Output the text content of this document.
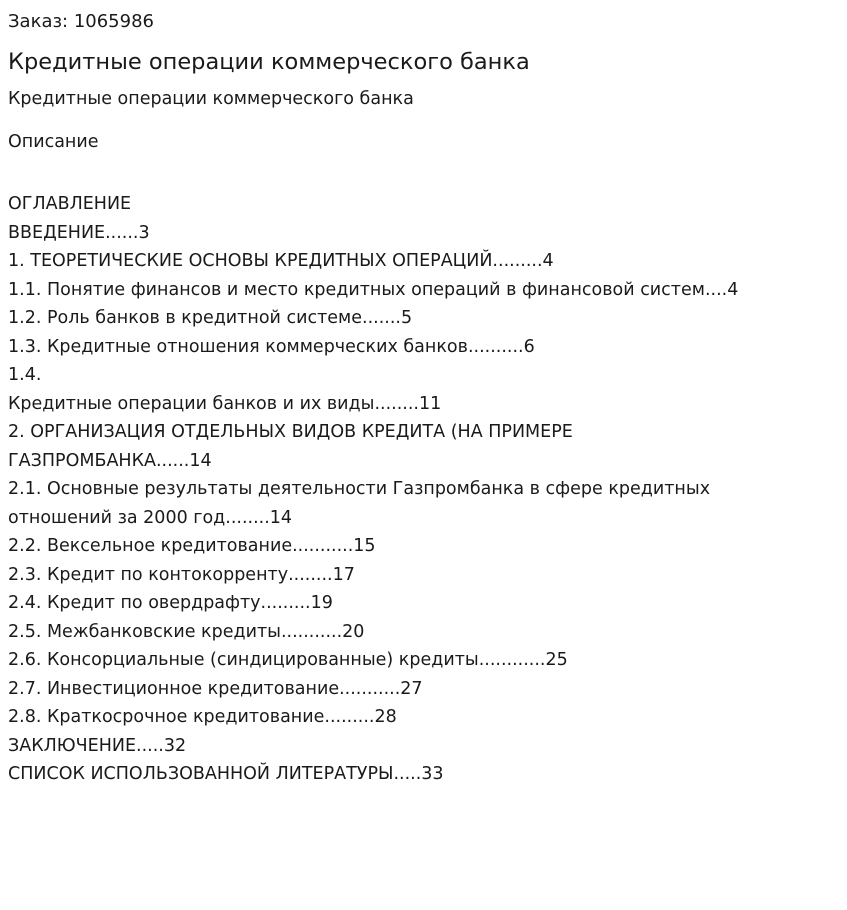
Заказ: 1065986
Кредитные операции коммерческого банка
Кредитные операции коммерческого банка
Описание
ОГЛАВЛЕНИЕ
ВВЕДЕНИЕ......3
1. ТЕОРЕТИЧЕСКИЕ ОСНОВЫ КРЕДИТНЫХ ОПЕРАЦИЙ.........4
1.1. Понятие финансов и место кредитных операций в финансовой систем....4
1.2. Роль банков в кредитной системе.......5
1.3. Кредитные отношения коммерческих банков..........6
1.4.
Кредитные операции банков и их виды........11
2. ОРГАНИЗАЦИЯ ОТДЕЛЬНЫХ ВИДОВ КРЕДИТА (НА ПРИМЕРЕ
ГАЗПРОМБАНКА......14
2.1. Основные результаты деятельности Газпромбанка в сфере кредитных
отношений за 2000 год........14
2.2. Вексельное кредитование...........15
2.3. Кредит по контокорренту........17
2.4. Кредит по овердрафту.........19
2.5. Межбанковские кредиты...........20
2.6. Консорциальные (синдицированные) кредиты............25
2.7. Инвестиционное кредитование...........27
2.8. Краткосрочное кредитование.........28
ЗАКЛЮЧЕНИЕ.....32
СПИСОК ИСПОЛЬЗОВАННОЙ ЛИТЕРАТУРЫ.....33
